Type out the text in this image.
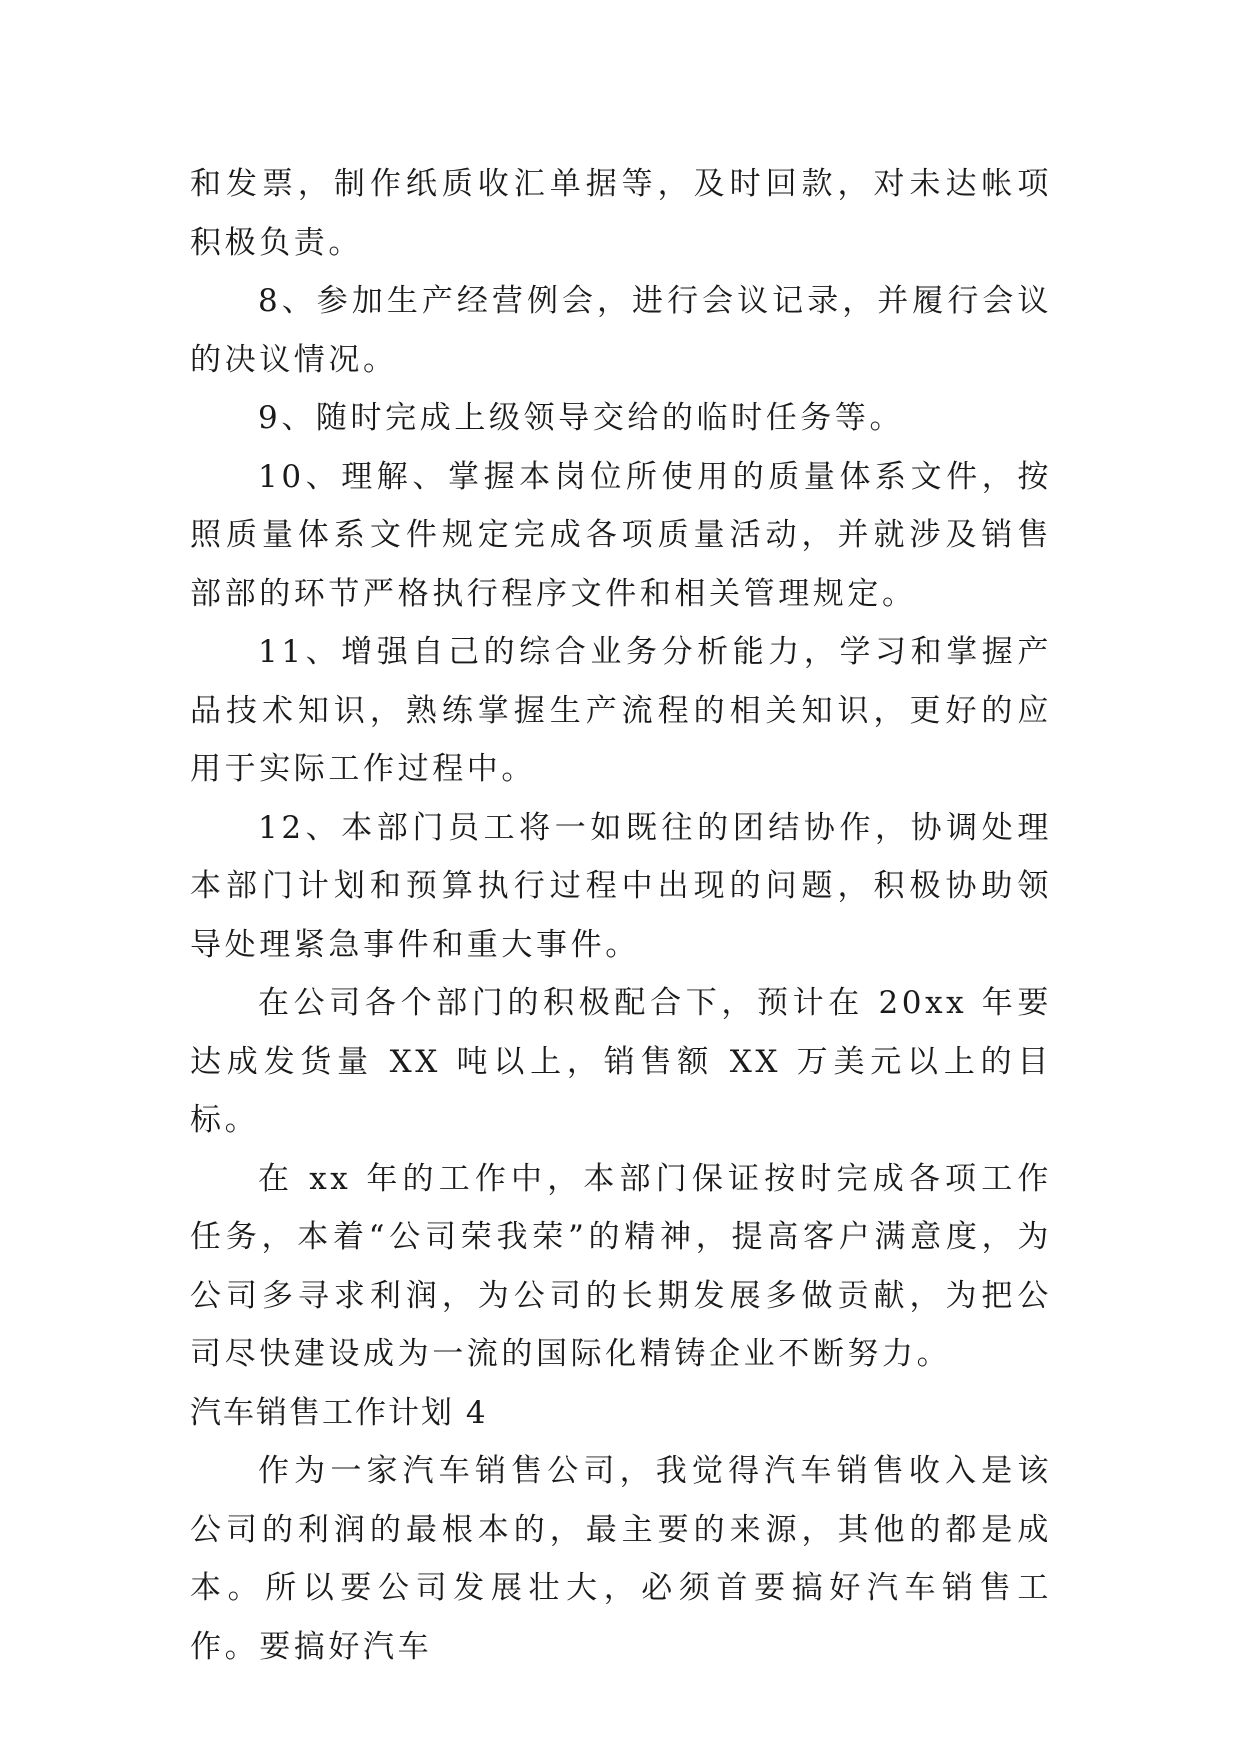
和发票，制作纸质收汇单据等，及时回款，对未达帐项积极负责。

8、参加生产经营例会，进行会议记录，并履行会议的决议情况。

9、随时完成上级领导交给的临时任务等。

10、理解、掌握本岗位所使用的质量体系文件，按照质量体系文件规定完成各项质量活动，并就涉及销售部部的环节严格执行程序文件和相关管理规定。

11、增强自己的综合业务分析能力，学习和掌握产品技术知识，熟练掌握生产流程的相关知识，更好的应用于实际工作过程中。

12、本部门员工将一如既往的团结协作，协调处理本部门计划和预算执行过程中出现的问题，积极协助领导处理紧急事件和重大事件。

在公司各个部门的积极配合下，预计在 20xx 年要达成发货量 XX 吨以上，销售额 XX 万美元以上的目标。

在 xx 年的工作中，本部门保证按时完成各项工作任务，本着“公司荣我荣”的精神，提高客户满意度，为公司多寻求利润，为公司的长期发展多做贡献，为把公司尽快建设成为一流的国际化精铸企业不断努力。

汽车销售工作计划 4

作为一家汽车销售公司，我觉得汽车销售收入是该公司的利润的最根本的，最主要的来源，其他的都是成本。所以要公司发展壮大，必须首要搞好汽车销售工作。要搞好汽车
